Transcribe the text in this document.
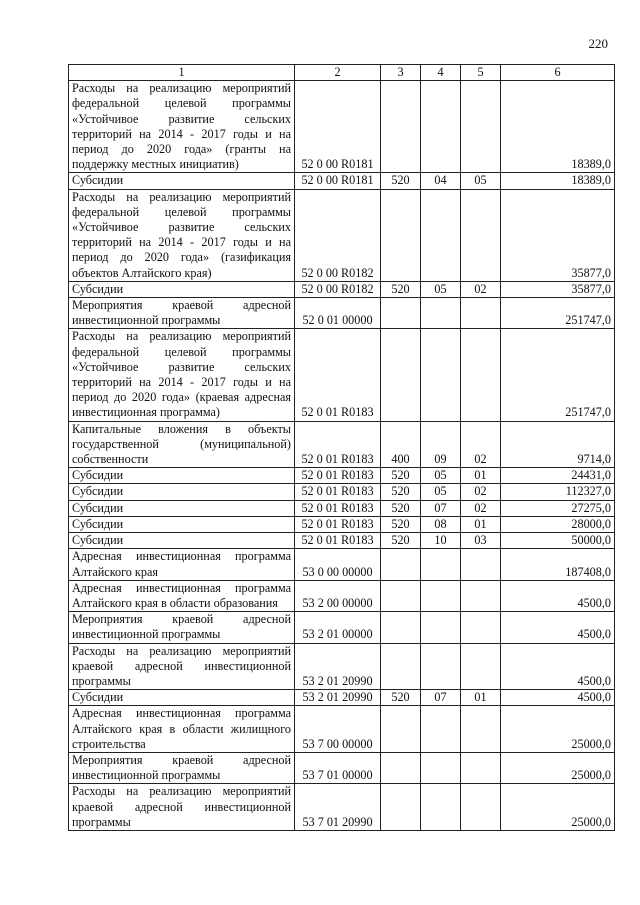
220
1	2	3	4	5	6
Расходы на реализацию мероприятий федеральной целевой программы «Устойчивое развитие сельских территорий на 2014 - 2017 годы и на период до 2020 года» (гранты на поддержку местных инициатив)	52 0 00 R0181				18389,0
Субсидии	52 0 00 R0181	520	04	05	18389,0
Расходы на реализацию мероприятий федеральной целевой программы «Устойчивое развитие сельских территорий на 2014 - 2017 годы и на период до 2020 года» (газификация объектов Алтайского края)	52 0 00 R0182				35877,0
Субсидии	52 0 00 R0182	520	05	02	35877,0
Мероприятия краевой адресной инвестиционной программы	52 0 01 00000				251747,0
Расходы на реализацию мероприятий федеральной целевой программы «Устойчивое развитие сельских территорий на 2014 - 2017 годы и на период до 2020 года» (краевая адресная инвестиционная программа)	52 0 01 R0183				251747,0
Капитальные вложения в объекты государственной (муниципальной) собственности	52 0 01 R0183	400	09	02	9714,0
Субсидии	52 0 01 R0183	520	05	01	24431,0
Субсидии	52 0 01 R0183	520	05	02	112327,0
Субсидии	52 0 01 R0183	520	07	02	27275,0
Субсидии	52 0 01 R0183	520	08	01	28000,0
Субсидии	52 0 01 R0183	520	10	03	50000,0
Адресная инвестиционная программа Алтайского края	53 0 00 00000				187408,0
Адресная инвестиционная программа Алтайского края в области образования	53 2 00 00000				4500,0
Мероприятия краевой адресной инвестиционной программы	53 2 01 00000				4500,0
Расходы на реализацию мероприятий краевой адресной инвестиционной программы	53 2 01 20990				4500,0
Субсидии	53 2 01 20990	520	07	01	4500,0
Адресная инвестиционная программа Алтайского края в области жилищного строительства	53 7 00 00000				25000,0
Мероприятия краевой адресной инвестиционной программы	53 7 01 00000				25000,0
Расходы на реализацию мероприятий краевой адресной инвестиционной программы	53 7 01 20990				25000,0
